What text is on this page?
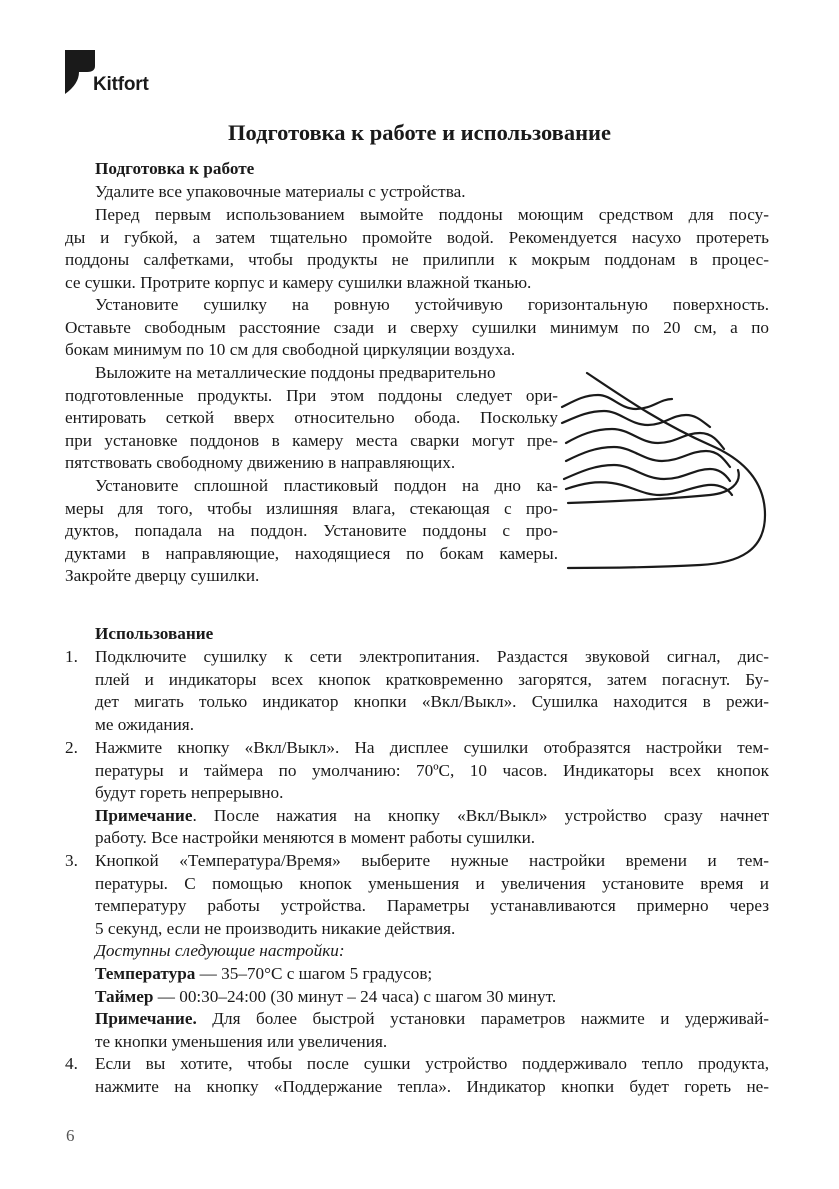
Kitfort
Подготовка к работе и использование

Подготовка к работе

Удалите все упаковочные материалы с устройства.

Перед первым использованием вымойте поддоны моющим средством для посу-
ды и губкой, а затем тщательно промойте водой. Рекомендуется насухо протереть
поддоны салфетками, чтобы продукты не прилипли к мокрым поддонам в процес-
се сушки. Протрите корпус и камеру сушилки влажной тканью.
Установите сушилку на ровную устойчивую горизонтальную поверхность.
Оставьте свободным расстояние сзади и сверху сушилки минимум по 20 см, а по
бокам минимум по 10 см для свободной циркуляции воздуха.
Выложите на металлические поддоны предварительно
подготовленные продукты. При этом поддоны следует ори-
ентировать сеткой вверх относительно обода. Поскольку
при установке поддонов в камеру места сварки могут пре-
пятствовать свободному движению в направляющих.
Установите сплошной пластиковый поддон на дно ка-
меры для того, чтобы излишняя влага, стекающая с про-
дуктов, попадала на поддон. Установите поддоны с про-
дуктами в направляющие, находящиеся по бокам камеры.
Закройте дверцу сушилки.

Использование

1. Подключите сушилку к сети электропитания. Раздастся звуковой сигнал, дис-
плей и индикаторы всех кнопок кратковременно загорятся, затем погаснут. Бу-
дет мигать только индикатор кнопки «Вкл/Выкл». Сушилка находится в режи-
ме ожидания.

2. Нажмите кнопку «Вкл/Выкл». На дисплее сушилки отобразятся настройки тем-
пературы и таймера по умолчанию: 70ºС, 10 часов. Индикаторы всех кнопок
будут гореть непрерывно.
Примечание. После нажатия на кнопку «Вкл/Выкл» устройство сразу начнет
работу. Все настройки меняются в момент работы сушилки.

3. Кнопкой «Температура/Время» выберите нужные настройки времени и тем-
пературы. С помощью кнопок уменьшения и увеличения установите время и
температуру работы устройства. Параметры устанавливаются примерно через
5 секунд, если не производить никакие действия.
Доступны следующие настройки:
Температура — 35–70°С с шагом 5 градусов;
Таймер — 00:30–24:00 (30 минут – 24 часа) с шагом 30 минут.
Примечание. Для более быстрой установки параметров нажмите и удерживай-
те кнопки уменьшения или увеличения.

4. Если вы хотите, чтобы после сушки устройство поддерживало тепло продукта,
нажмите на кнопку «Поддержание тепла». Индикатор кнопки будет гореть не-
6
